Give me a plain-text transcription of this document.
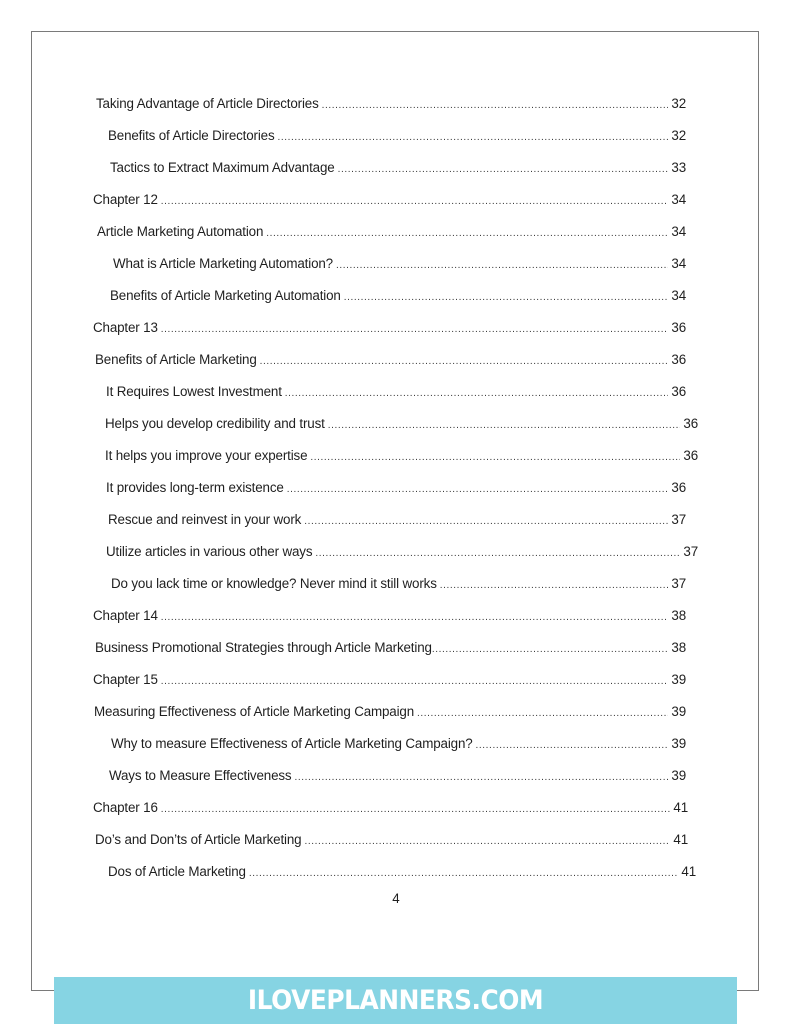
Taking Advantage of Article Directories .....	32
Benefits of Article Directories .....	32
Tactics to Extract Maximum Advantage .....	33
Chapter 12 .....	34
Article Marketing Automation .....	34
What is Article Marketing Automation? .....	34
Benefits of Article Marketing Automation .....	34
Chapter 13 .....	36
Benefits of Article Marketing .....	36
It Requires Lowest Investment .....	36
Helps you develop credibility and trust .....	36
It helps you improve your expertise .....	36
It provides long-term existence .....	36
Rescue and reinvest in your work .....	37
Utilize articles in various other ways .....	37
Do you lack time or knowledge? Never mind it still works .....	37
Chapter 14 .....	38
Business Promotional Strategies through Article Marketing .....	38
Chapter 15 .....	39
Measuring Effectiveness of Article Marketing Campaign .....	39
Why to measure Effectiveness of Article Marketing Campaign? .....	39
Ways to Measure Effectiveness .....	39
Chapter 16 .....	41
Do’s and Don’ts of Article Marketing .....	41
Dos of Article Marketing .....	41
4
ILOVEPLANNERS.COM
